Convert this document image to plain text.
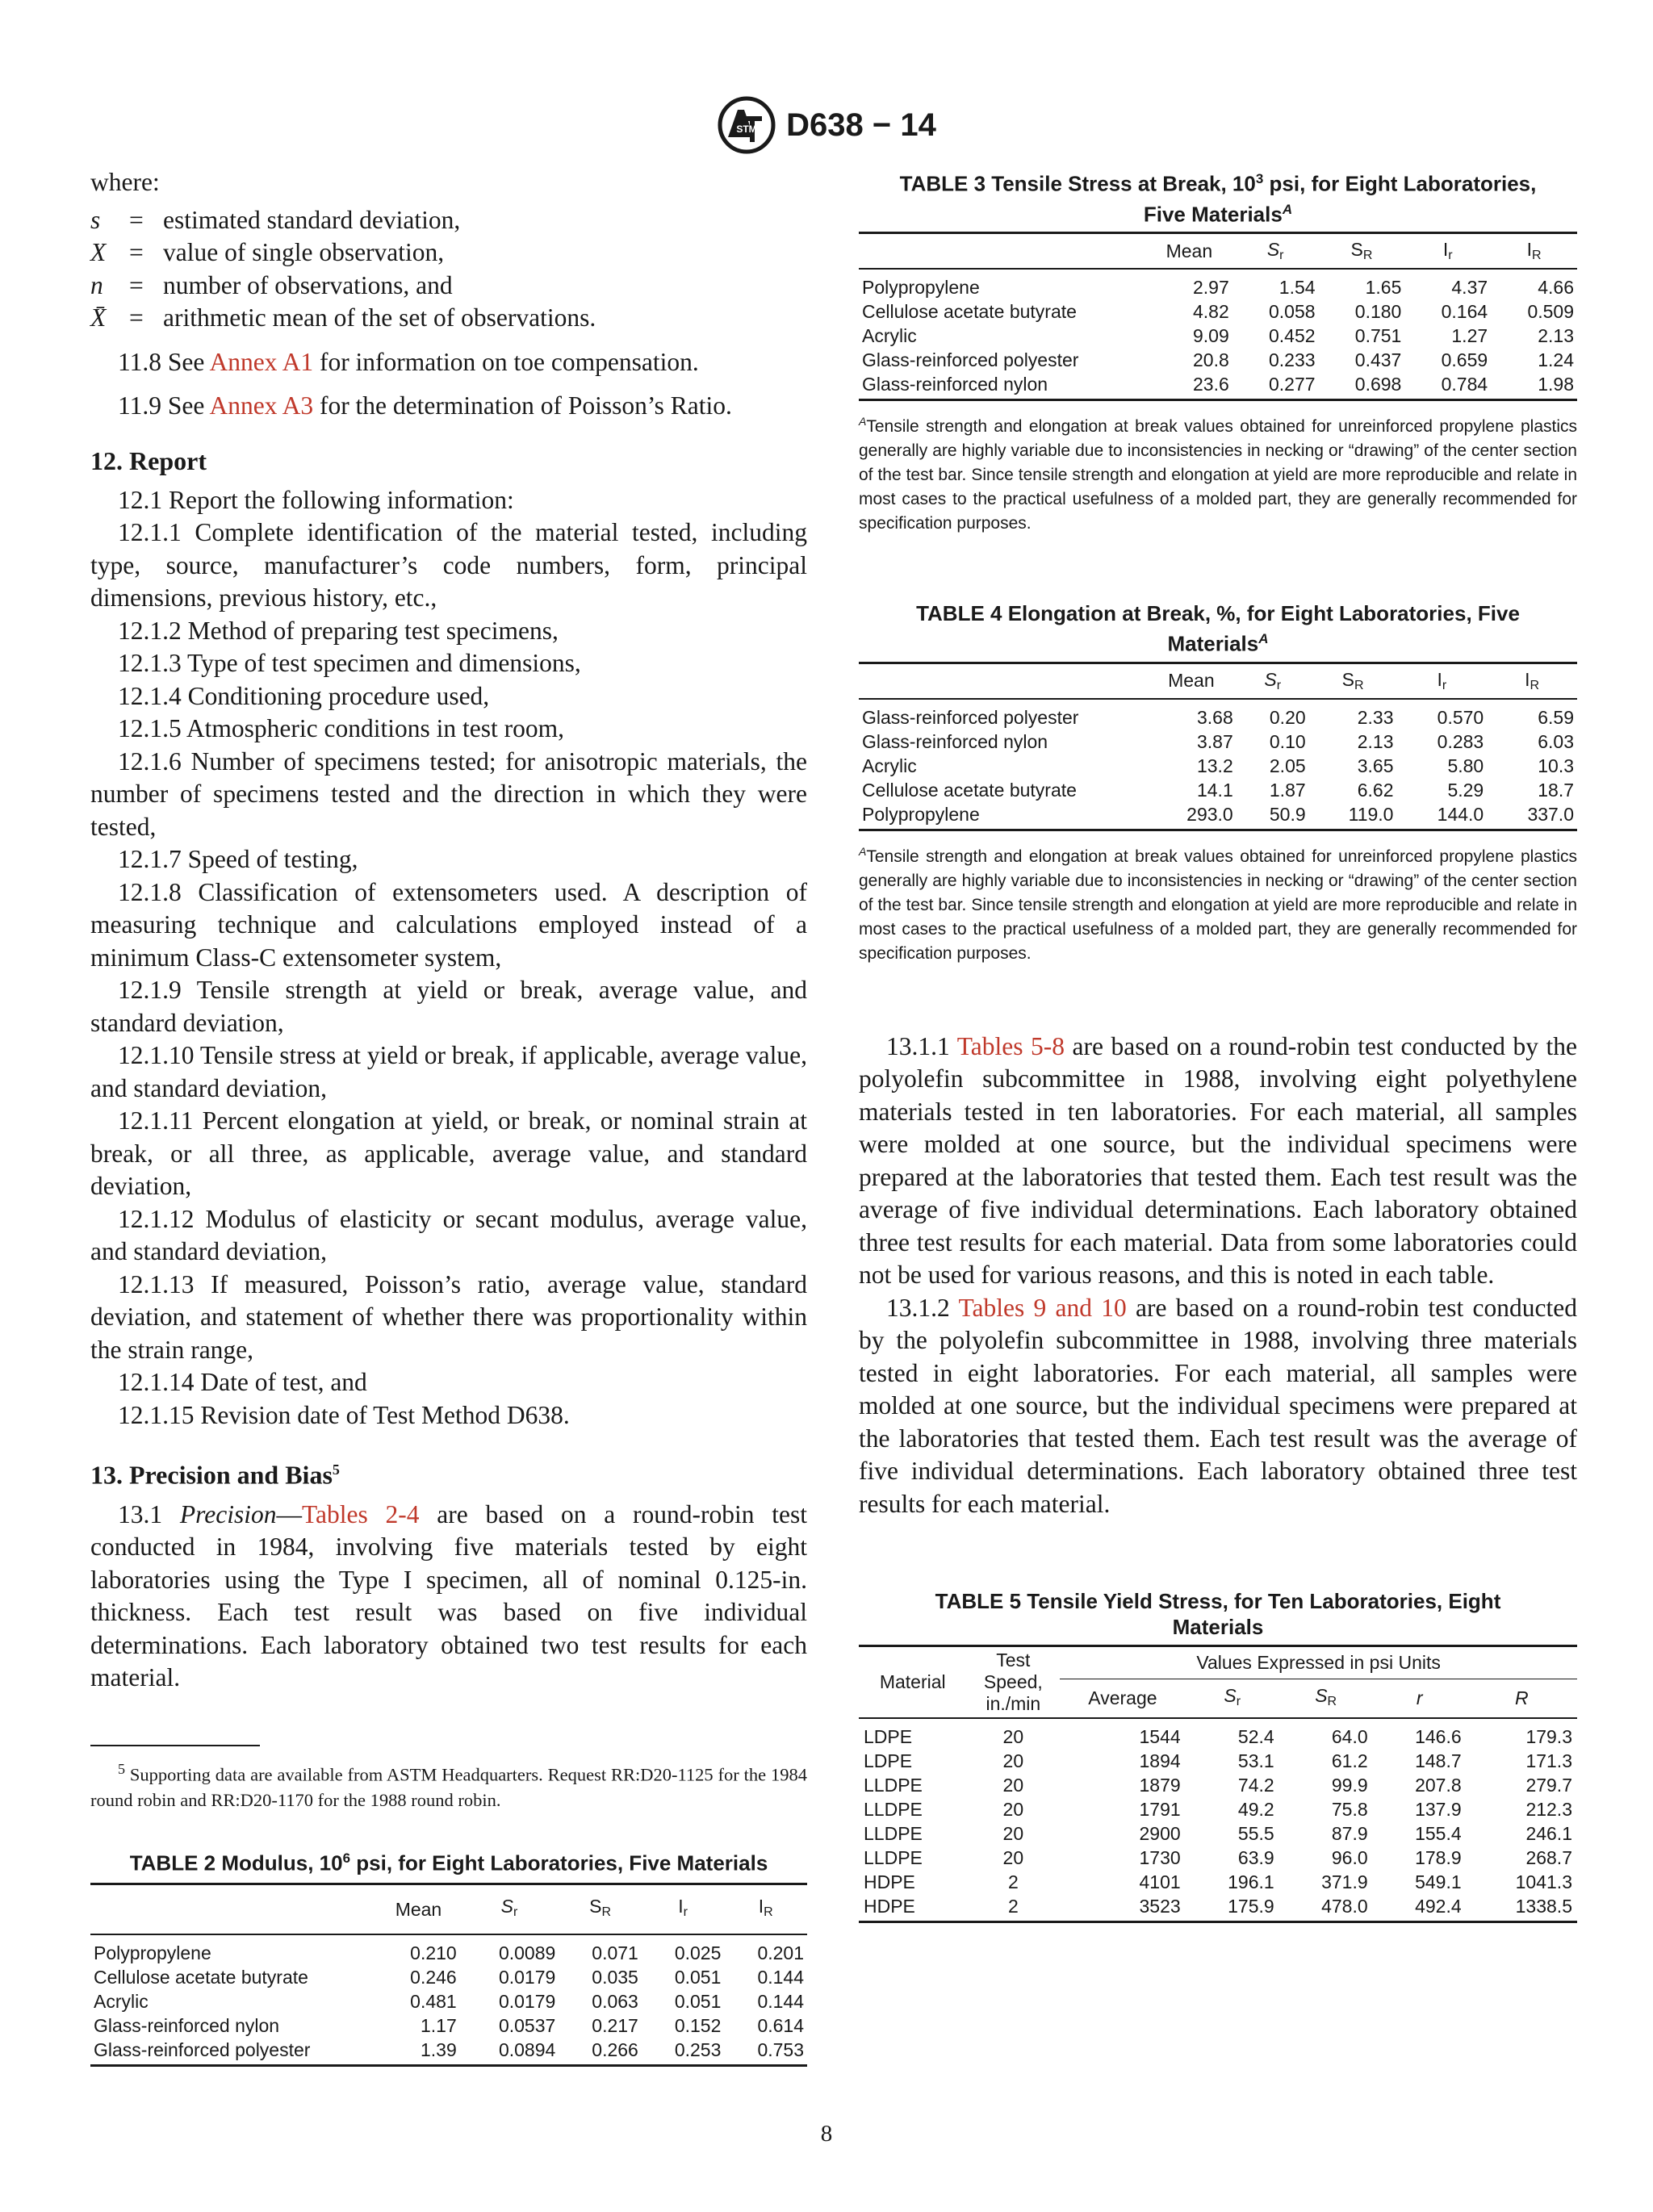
STM D638 − 14

where:

s	= estimated standard deviation,
X = value of single observation,
n	= number of observations, and
X̄ = arithmetic mean of the set of observations.

11.8 See Annex A1 for information on toe compensation.

11.9 See Annex A3 for the determination of Poisson’s Ratio.

12. Report

12.1 Report the following information:

12.1.1 Complete identification of the material tested, including type, source, manufacturer’s code numbers, form, principal dimensions, previous history, etc.,

12.1.2 Method of preparing test specimens,

12.1.3 Type of test specimen and dimensions,

12.1.4 Conditioning procedure used,

12.1.5 Atmospheric conditions in test room,

12.1.6 Number of specimens tested; for anisotropic materials, the number of specimens tested and the direction in which they were tested,

12.1.7 Speed of testing,

12.1.8 Classification of extensometers used. A description of measuring technique and calculations employed instead of a minimum Class-C extensometer system,

12.1.9 Tensile strength at yield or break, average value, and standard deviation,

12.1.10 Tensile stress at yield or break, if applicable, average value, and standard deviation,

12.1.11 Percent elongation at yield, or break, or nominal strain at break, or all three, as applicable, average value, and standard deviation,

12.1.12 Modulus of elasticity or secant modulus, average value, and standard deviation,

12.1.13 If measured, Poisson’s ratio, average value, standard deviation, and statement of whether there was proportionality within the strain range,

12.1.14 Date of test, and

12.1.15 Revision date of Test Method D638.

13. Precision and Bias$^5$

13.1 Precision—Tables 2-4 are based on a round-robin test conducted in 1984, involving five materials tested by eight laboratories using the Type I specimen, all of nominal 0.125-in. thickness. Each test result was based on five individual determinations. Each laboratory obtained two test results for each material.

$^5$ Supporting data are available from ASTM Headquarters. Request RR:D20-1125 for the 1984 round robin and RR:D20-1170 for the 1988 round robin.
TABLE 2 Modulus, $10^6$ psi, for Eight Laboratories, Five Materials
	Mean	$S_r$	$S_R$	$I_r$	$I_R$
Polypropylene	0.210	0.0089	0.071	0.025	0.201
Cellulose acetate butyrate	0.246	0.0179	0.035	0.051	0.144
Acrylic	0.481	0.0179	0.063	0.051	0.144
Glass-reinforced nylon	1.17	0.0537	0.217	0.152	0.614
Glass-reinforced polyester	1.39	0.0894	0.266	0.253	0.753
TABLE 3 Tensile Stress at Break, $10^3$ psi, for Eight Laboratories,
Five Materials$^A$
	Mean	$S_r$	$S_R$	$I_r$	$I_R$
Polypropylene	2.97	1.54	1.65	4.37	4.66
Cellulose acetate butyrate	4.82	0.058	0.180	0.164	0.509
Acrylic	9.09	0.452	0.751	1.27	2.13
Glass-reinforced polyester	20.8	0.233	0.437	0.659	1.24
Glass-reinforced nylon	23.6	0.277	0.698	0.784	1.98
$^A$Tensile strength and elongation at break values obtained for unreinforced propylene plastics generally are highly variable due to inconsistencies in necking or “drawing” of the center section of the test bar. Since tensile strength and elongation at yield are more reproducible and relate in most cases to the practical usefulness of a molded part, they are generally recommended for specification purposes.
TABLE 4 Elongation at Break, %, for Eight Laboratories, Five
Materials$^A$
	Mean	$S_r$	$S_R$	$I_r$	$I_R$
Glass-reinforced polyester	3.68	0.20	2.33	0.570	6.59
Glass-reinforced nylon	3.87	0.10	2.13	0.283	6.03
Acrylic	13.2	2.05	3.65	5.80	10.3
Cellulose acetate butyrate	14.1	1.87	6.62	5.29	18.7
Polypropylene	293.0	50.9	119.0	144.0	337.0
$^A$Tensile strength and elongation at break values obtained for unreinforced propylene plastics generally are highly variable due to inconsistencies in necking or “drawing” of the center section of the test bar. Since tensile strength and elongation at yield are more reproducible and relate in most cases to the practical usefulness of a molded part, they are generally recommended for specification purposes.

13.1.1 Tables 5-8 are based on a round-robin test conducted by the polyolefin subcommittee in 1988, involving eight polyethylene materials tested in ten laboratories. For each material, all samples were molded at one source, but the individual specimens were prepared at the laboratories that tested them. Each test result was the average of five individual determinations. Each laboratory obtained three test results for each material. Data from some laboratories could not be used for various reasons, and this is noted in each table.

13.1.2 Tables 9 and 10 are based on a round-robin test conducted by the polyolefin subcommittee in 1988, involving three materials tested in eight laboratories. For each material, all samples were molded at one source, but the individual specimens were prepared at the laboratories that tested them. Each test result was the average of five individual determinations. Each laboratory obtained three test results for each material.

TABLE 5 Tensile Yield Stress, for Ten Laboratories, Eight
Materials
Material	Test
Speed,
in./min	Values Expressed in psi Units				
		Average	$S_r$	$S_R$	r	R
LDPE	20	1544	52.4	64.0	146.6	179.3
LDPE	20	1894	53.1	61.2	148.7	171.3
LLDPE	20	1879	74.2	99.9	207.8	279.7
LLDPE	20	1791	49.2	75.8	137.9	212.3
LLDPE	20	2900	55.5	87.9	155.4	246.1
LLDPE	20	1730	63.9	96.0	178.9	268.7
HDPE	2	4101	196.1	371.9	549.1	1041.3
HDPE	2	3523	175.9	478.0	492.4	1338.5
8
